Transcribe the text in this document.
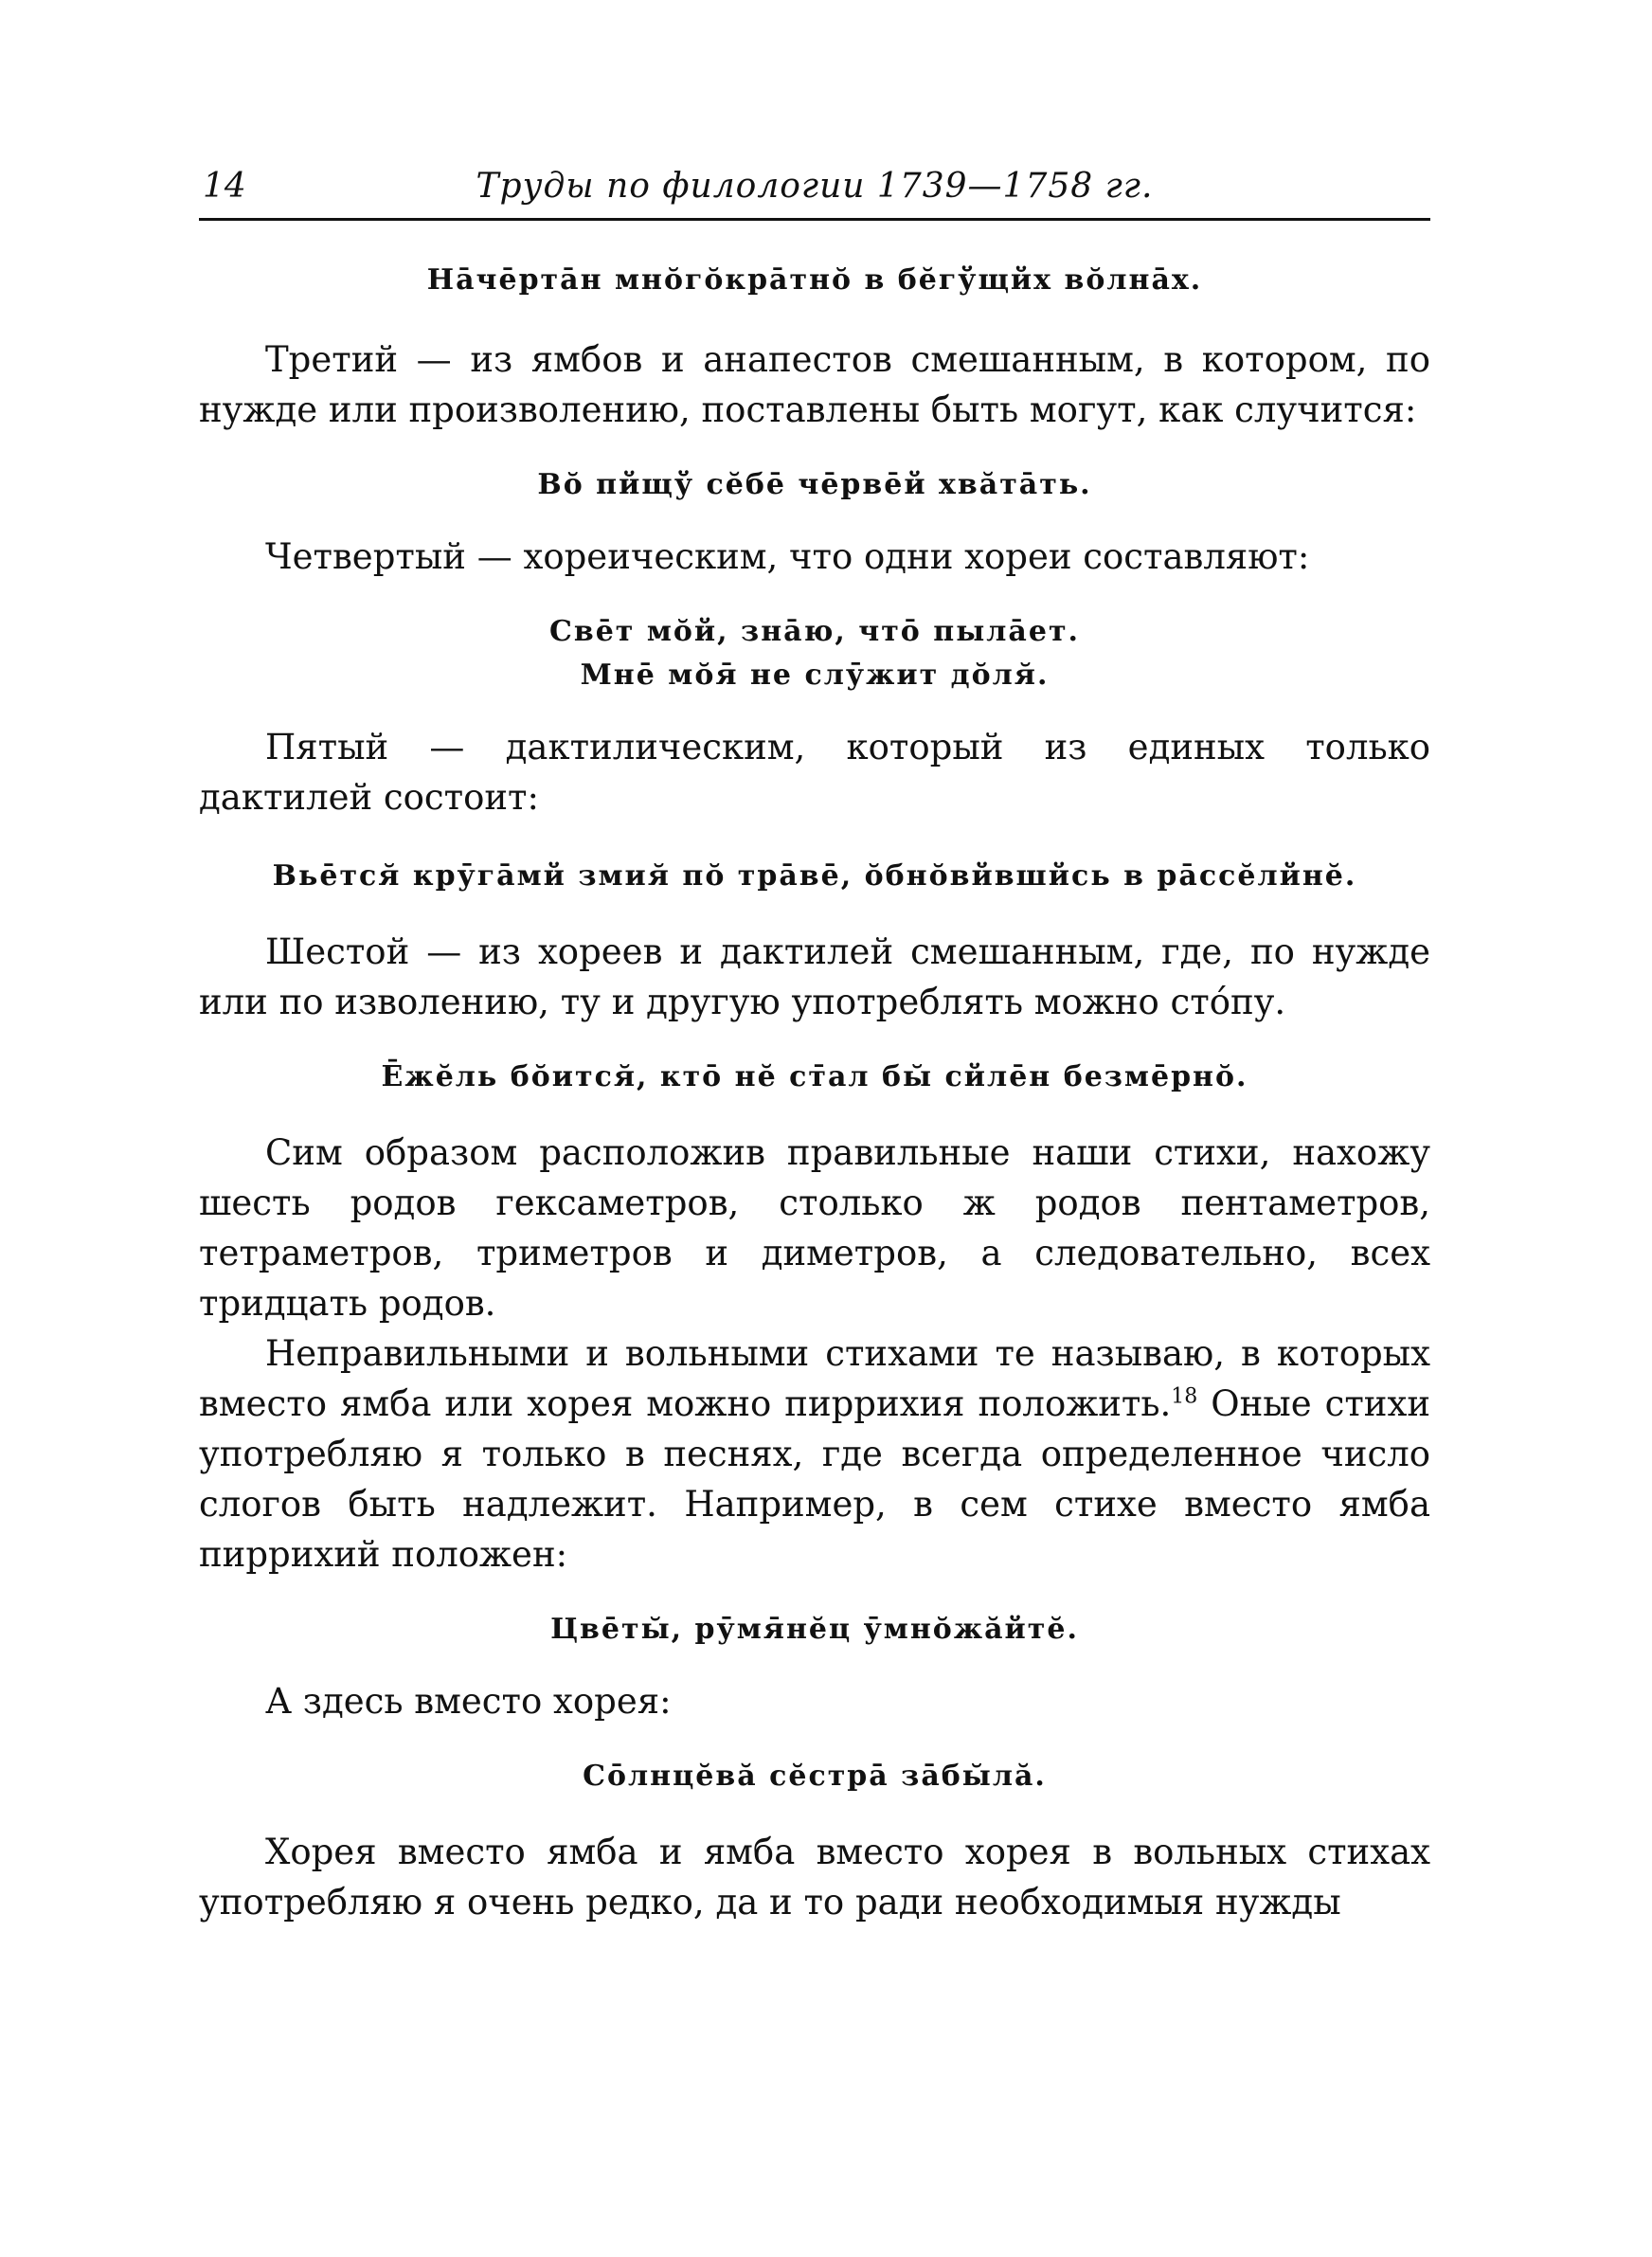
14	Труды по филологии 1739—1758 гг.
На̄че̄рта̄н мно̆го̆кра̄тно̆ в бӗгўщйх во̆лна̄х.

Третий — из ямбов и анапестов смешанным, в котором, по нужде или произволению, поставлены быть могут, как случится:

Во̆ пйщў сӗбе̄ че̄рве̄й хвӑта̄ть.

Четвертый — хореическим, что одни хореи составляют:

Све̄т мо̆й, зна̄ю, что̄ пыла̄ет.
Мне̄ мо̆я̄ не слӯжит до̆ля̆.

Пятый — дактилическим, который из единых только дактилей состоит:

Вье̄тся̆ крӯга̄мй змия̆ по̆ тра̄ве̄, о̆бно̆вйвшйсь в ра̄ссӗлйнӗ.

Шестой — из хореев и дактилей смешанным, где, по нужде или по изволению, ту и другую употреблять можно сто́пу.

Е̄жӗль бо̆ится̆, кто̄ нӗ ст̄ал бы̆ сйле̄н безме̄рно̆.

Сим образом расположив правильные наши стихи, нахожу шесть родов гексаметров, столько ж родов пентаметров, тетраметров, триметров и диметров, а следовательно, всех тридцать родов.

Неправильными и вольными стихами те называю, в которых вместо ямба или хорея можно пиррихия положить.$^{18}$ Оные стихи употребляю я только в песнях, где всегда определенное число слогов быть надлежит. Например, в сем стихе вместо ямба пиррихий положен:

Цве̄ты̆, рӯмя̄нӗц ӯмно̆жӑйтӗ.

А здесь вместо хорея:

Со̄лнцӗвӑ сӗстра̄ за̄бы̆лӑ.

Хорея вместо ямба и ямба вместо хорея в вольных стихах употребляю я очень редко, да и то ради необходимыя нужды
